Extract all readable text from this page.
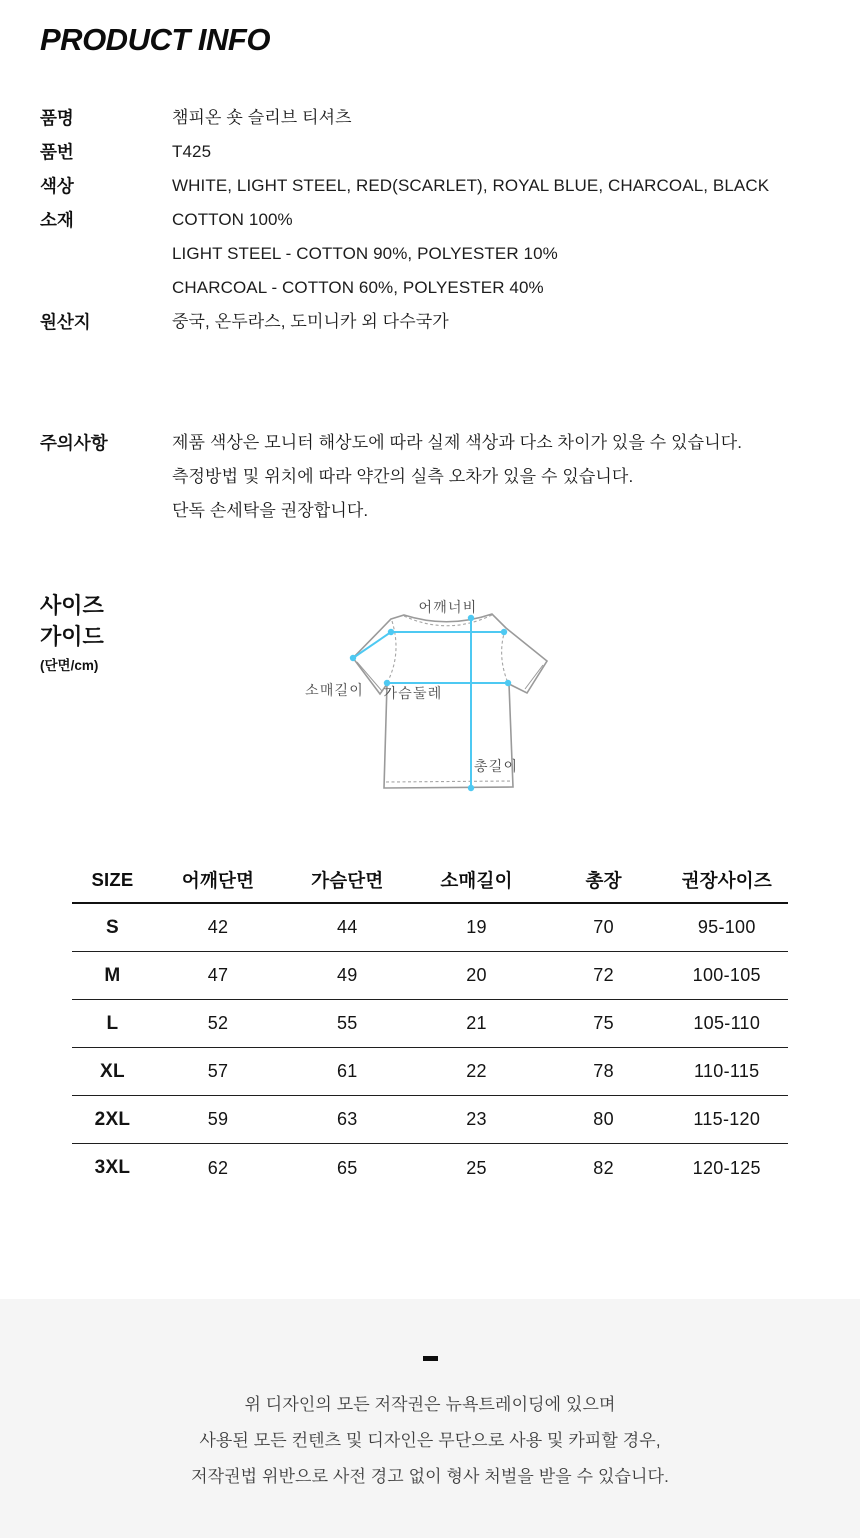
PRODUCT INFO
품명	챔피온 숏 슬리브 티셔츠
품번	T425
색상	WHITE, LIGHT STEEL, RED(SCARLET), ROYAL BLUE, CHARCOAL, BLACK
소재	COTTON 100%
LIGHT STEEL - COTTON 90%, POLYESTER 10%
CHARCOAL - COTTON 60%, POLYESTER 40%
원산지	중국, 온두라스, 도미니카 외 다수국가
주의사항	제품 색상은 모니터 해상도에 따라 실제 색상과 다소 차이가 있을 수 있습니다.
측정방법 및 위치에 따라 약간의 실측 오차가 있을 수 있습니다.
단독 손세탁을 권장합니다.
사이즈
가이드
(단면/cm)
어깨너비
소매길이 가슴둘레
총길이
SIZE	어깨단면	가슴단면	소매길이	총장	권장사이즈
S	42	44	19	70	95-100
M	47	49	20	72	100-105
L	52	55	21	75	105-110
XL	57	61	22	78	110-115
2XL	59	63	23	80	115-120
3XL	62	65	25	82	120-125
위 디자인의 모든 저작권은 뉴욕트레이딩에 있으며
사용된 모든 컨텐츠 및 디자인은 무단으로 사용 및 카피할 경우,
저작권법 위반으로 사전 경고 없이 형사 처벌을 받을 수 있습니다.
